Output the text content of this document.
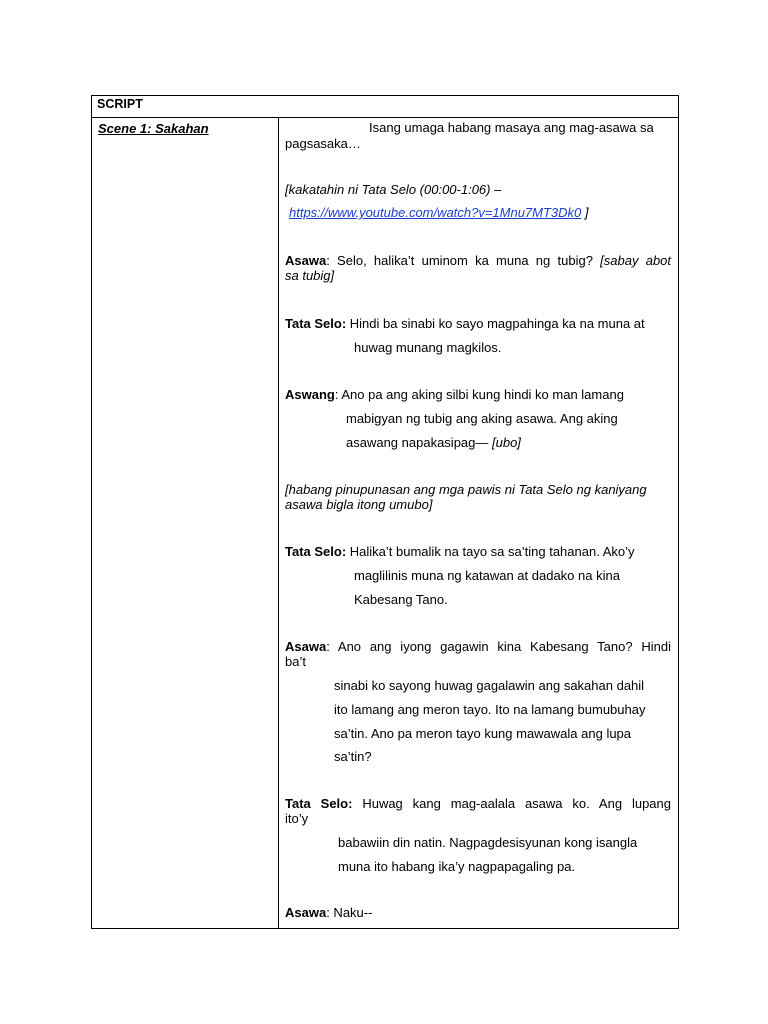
SCRIPT
Scene 1: Sakahan	Isang umaga habang masaya ang mag-asawa sa
pagsasaka…
[kakatahin ni Tata Selo (00:00-1:06) –
https://www.youtube.com/watch?v=1Mnu7MT3Dk0 ]
Asawa: Selo, halika’t uminom ka muna ng tubig? [sabay abot
sa tubig]
Tata Selo: Hindi ba sinabi ko sayo magpahinga ka na muna at
huwag munang magkilos.
Aswang: Ano pa ang aking silbi kung hindi ko man lamang
mabigyan ng tubig ang aking asawa. Ang aking
asawang napakasipag— [ubo]
[habang pinupunasan ang mga pawis ni Tata Selo ng kaniyang
asawa bigla itong umubo]
Tata Selo: Halika’t bumalik na tayo sa sa’ting tahanan. Ako’y
maglilinis muna ng katawan at dadako na kina
Kabesang Tano.
Asawa: Ano ang iyong gagawin kina Kabesang Tano? Hindi
ba’t
sinabi ko sayong huwag gagalawin ang sakahan dahil
ito lamang ang meron tayo. Ito na lamang bumubuhay
sa’tin. Ano pa meron tayo kung mawawala ang lupa
sa’tin?
Tata Selo: Huwag kang mag-aalala asawa ko. Ang lupang
ito’y
babawiin din natin. Nagpagdesisyunan kong isangla
muna ito habang ika’y nagpapagaling pa.
Asawa: Naku--
